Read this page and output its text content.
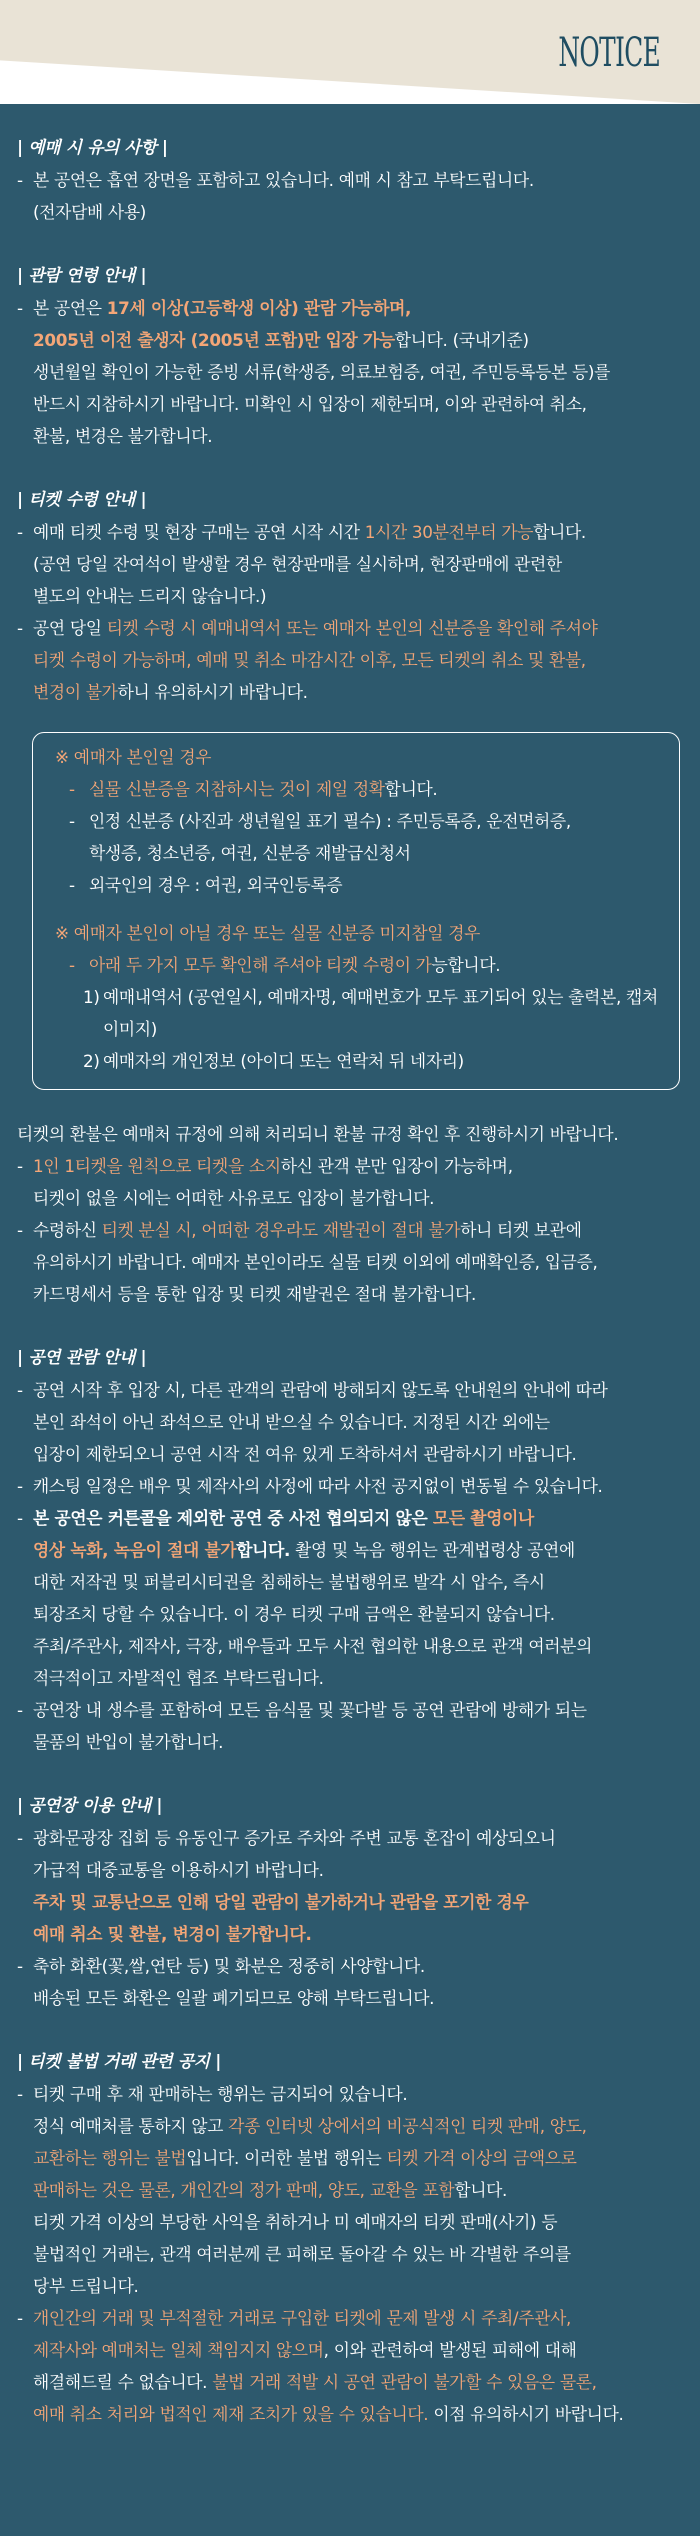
NOTICE
| 예매 시 유의 사항 |
- 본 공연은 흡연 장면을 포함하고 있습니다. 예매 시 참고 부탁드립니다.
(전자담배 사용)
| 관람 연령 안내 |
- 본 공연은 17세 이상(고등학생 이상) 관람 가능하며,
2005년 이전 출생자 (2005년 포함)만 입장 가능합니다. (국내기준)
생년월일 확인이 가능한 증빙 서류(학생증, 의료보험증, 여권, 주민등록등본 등)를
반드시 지참하시기 바랍니다. 미확인 시 입장이 제한되며, 이와 관련하여 취소,
환불, 변경은 불가합니다.
| 티켓 수령 안내 |
- 예매 티켓 수령 및 현장 구매는 공연 시작 시간 1시간 30분전부터 가능합니다.
(공연 당일 잔여석이 발생할 경우 현장판매를 실시하며, 현장판매에 관련한
별도의 안내는 드리지 않습니다.)
- 공연 당일 티켓 수령 시 예매내역서 또는 예매자 본인의 신분증을 확인해 주셔야
티켓 수령이 가능하며, 예매 및 취소 마감시간 이후, 모든 티켓의 취소 및 환불,
변경이 불가하니 유의하시기 바랍니다.
※ 예매자 본인일 경우
- 실물 신분증을 지참하시는 것이 제일 정확합니다.
- 인정 신분증 (사진과 생년월일 표기 필수) : 주민등록증, 운전면허증,
학생증, 청소년증, 여권, 신분증 재발급신청서
- 외국인의 경우 : 여권, 외국인등록증
※ 예매자 본인이 아닐 경우 또는 실물 신분증 미지참일 경우
- 아래 두 가지 모두 확인해 주셔야 티켓 수령이 가능합니다.
1) 예매내역서 (공연일시, 예매자명, 예매번호가 모두 표기되어 있는 출력본, 캡쳐 이미지)
2) 예매자의 개인정보 (아이디 또는 연락처 뒤 네자리)
티켓의 환불은 예매처 규정에 의해 처리되니 환불 규정 확인 후 진행하시기 바랍니다.
- 1인 1티켓을 원칙으로 티켓을 소지하신 관객 분만 입장이 가능하며,
티켓이 없을 시에는 어떠한 사유로도 입장이 불가합니다.
- 수령하신 티켓 분실 시, 어떠한 경우라도 재발권이 절대 불가하니 티켓 보관에
유의하시기 바랍니다. 예매자 본인이라도 실물 티켓 이외에 예매확인증, 입금증,
카드명세서 등을 통한 입장 및 티켓 재발권은 절대 불가합니다.
| 공연 관람 안내 |
- 공연 시작 후 입장 시, 다른 관객의 관람에 방해되지 않도록 안내원의 안내에 따라
본인 좌석이 아닌 좌석으로 안내 받으실 수 있습니다. 지정된 시간 외에는
입장이 제한되오니 공연 시작 전 여유 있게 도착하셔서 관람하시기 바랍니다.
- 캐스팅 일정은 배우 및 제작사의 사정에 따라 사전 공지없이 변동될 수 있습니다.
- 본 공연은 커튼콜을 제외한 공연 중 사전 협의되지 않은 모든 촬영이나
영상 녹화, 녹음이 절대 불가합니다. 촬영 및 녹음 행위는 관계법령상 공연에
대한 저작권 및 퍼블리시티권을 침해하는 불법행위로 발각 시 압수, 즉시
퇴장조치 당할 수 있습니다. 이 경우 티켓 구매 금액은 환불되지 않습니다.
주최/주관사, 제작사, 극장, 배우들과 모두 사전 협의한 내용으로 관객 여러분의
적극적이고 자발적인 협조 부탁드립니다.
- 공연장 내 생수를 포함하여 모든 음식물 및 꽃다발 등 공연 관람에 방해가 되는
물품의 반입이 불가합니다.
| 공연장 이용 안내 |
- 광화문광장 집회 등 유동인구 증가로 주차와 주변 교통 혼잡이 예상되오니
가급적 대중교통을 이용하시기 바랍니다.
주차 및 교통난으로 인해 당일 관람이 불가하거나 관람을 포기한 경우
예매 취소 및 환불, 변경이 불가합니다.
- 축하 화환(꽃,쌀,연탄 등) 및 화분은 정중히 사양합니다.
배송된 모든 화환은 일괄 폐기되므로 양해 부탁드립니다.
| 티켓 불법 거래 관련 공지 |
- 티켓 구매 후 재 판매하는 행위는 금지되어 있습니다.
정식 예매처를 통하지 않고 각종 인터넷 상에서의 비공식적인 티켓 판매, 양도,
교환하는 행위는 불법입니다. 이러한 불법 행위는 티켓 가격 이상의 금액으로
판매하는 것은 물론, 개인간의 정가 판매, 양도, 교환을 포함합니다.
티켓 가격 이상의 부당한 사익을 취하거나 미 예매자의 티켓 판매(사기) 등
불법적인 거래는, 관객 여러분께 큰 피해로 돌아갈 수 있는 바 각별한 주의를
당부 드립니다.
- 개인간의 거래 및 부적절한 거래로 구입한 티켓에 문제 발생 시 주최/주관사,
제작사와 예매처는 일체 책임지지 않으며, 이와 관련하여 발생된 피해에 대해
해결해드릴 수 없습니다. 불법 거래 적발 시 공연 관람이 불가할 수 있음은 물론,
예매 취소 처리와 법적인 제재 조치가 있을 수 있습니다. 이점 유의하시기 바랍니다.
